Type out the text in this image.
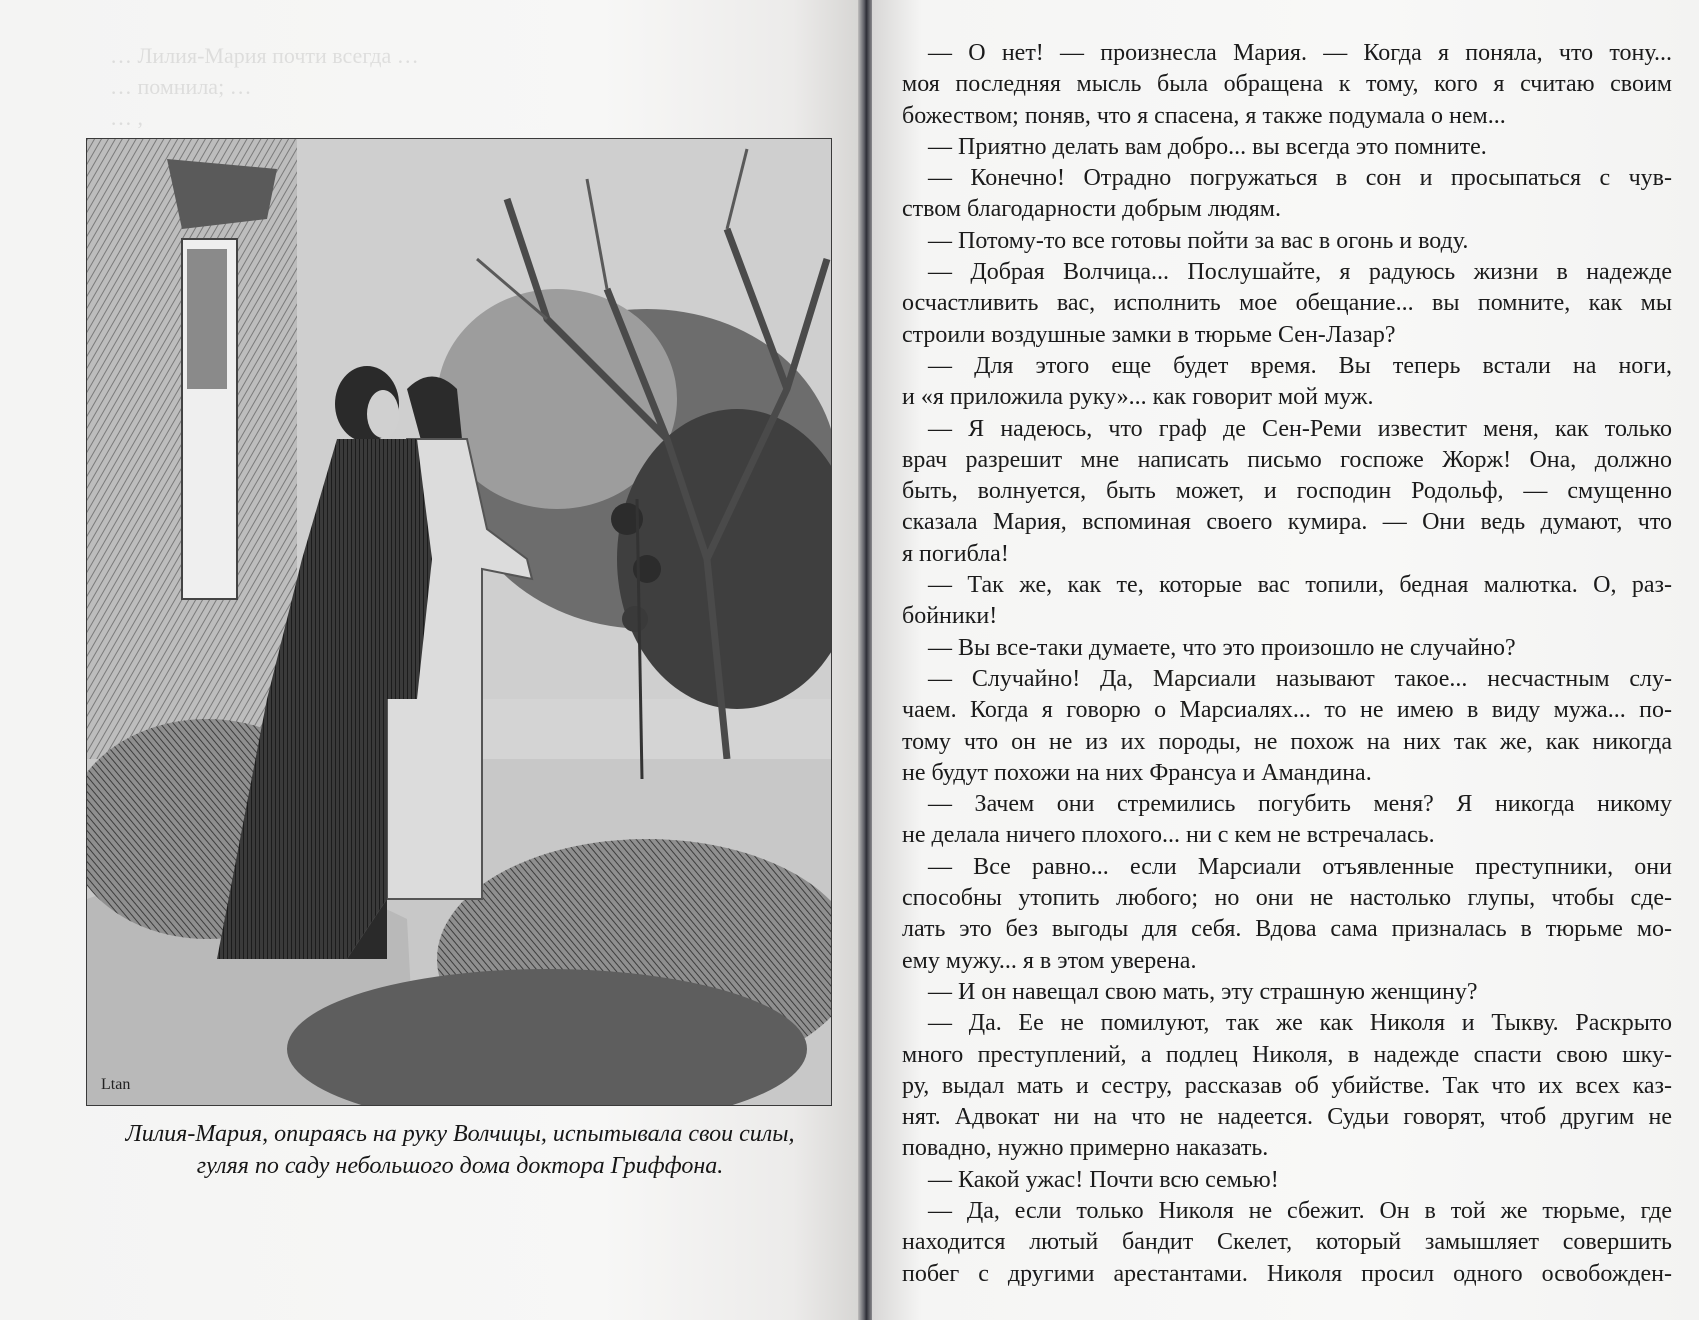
… Лилия-Мария почти всегда …
… помнила; …
… ,
Ltan
Лилия-Мария, опираясь на руку Волчицы, испытывала свои силы,
гуляя по саду небольшого дома доктора Гриффона.
— О нет! — произнесла Мария. — Когда я поняла, что тону...
моя последняя мысль была обращена к тому, кого я считаю своим
божеством; поняв, что я спасена, я также подумала о нем...
— Приятно делать вам добро... вы всегда это помните.
— Конечно! Отрадно погружаться в сон и просыпаться с чув-
ством благодарности добрым людям.
— Потому-то все готовы пойти за вас в огонь и воду.
— Добрая Волчица... Послушайте, я радуюсь жизни в надежде
осчастливить вас, исполнить мое обещание... вы помните, как мы
строили воздушные замки в тюрьме Сен-Лазар?
— Для этого еще будет время. Вы теперь встали на ноги,
и «я приложила руку»... как говорит мой муж.
— Я надеюсь, что граф де Сен-Реми известит меня, как только
врач разрешит мне написать письмо госпоже Жорж! Она, должно
быть, волнуется, быть может, и господин Родольф, — смущенно
сказала Мария, вспоминая своего кумира. — Они ведь думают, что
я погибла!
— Так же, как те, которые вас топили, бедная малютка. О, раз-
бойники!
— Вы все-таки думаете, что это произошло не случайно?
— Случайно! Да, Марсиали называют такое... несчастным слу-
чаем. Когда я говорю о Марсиалях... то не имею в виду мужа... по-
тому что он не из их породы, не похож на них так же, как никогда
не будут похожи на них Франсуа и Амандина.
— Зачем они стремились погубить меня? Я никогда никому
не делала ничего плохого... ни с кем не встречалась.
— Все равно... если Марсиали отъявленные преступники, они
способны утопить любого; но они не настолько глупы, чтобы сде-
лать это без выгоды для себя. Вдова сама призналась в тюрьме мо-
ему мужу... я в этом уверена.
— И он навещал свою мать, эту страшную женщину?
— Да. Ее не помилуют, так же как Николя и Тыкву. Раскрыто
много преступлений, а подлец Николя, в надежде спасти свою шку-
ру, выдал мать и сестру, рассказав об убийстве. Так что их всех каз-
нят. Адвокат ни на что не надеется. Судьи говорят, чтоб другим не
повадно, нужно примерно наказать.
— Какой ужас! Почти всю семью!
— Да, если только Николя не сбежит. Он в той же тюрьме, где
находится лютый бандит Скелет, который замышляет совершить
побег с другими арестантами. Николя просил одного освобожден-
